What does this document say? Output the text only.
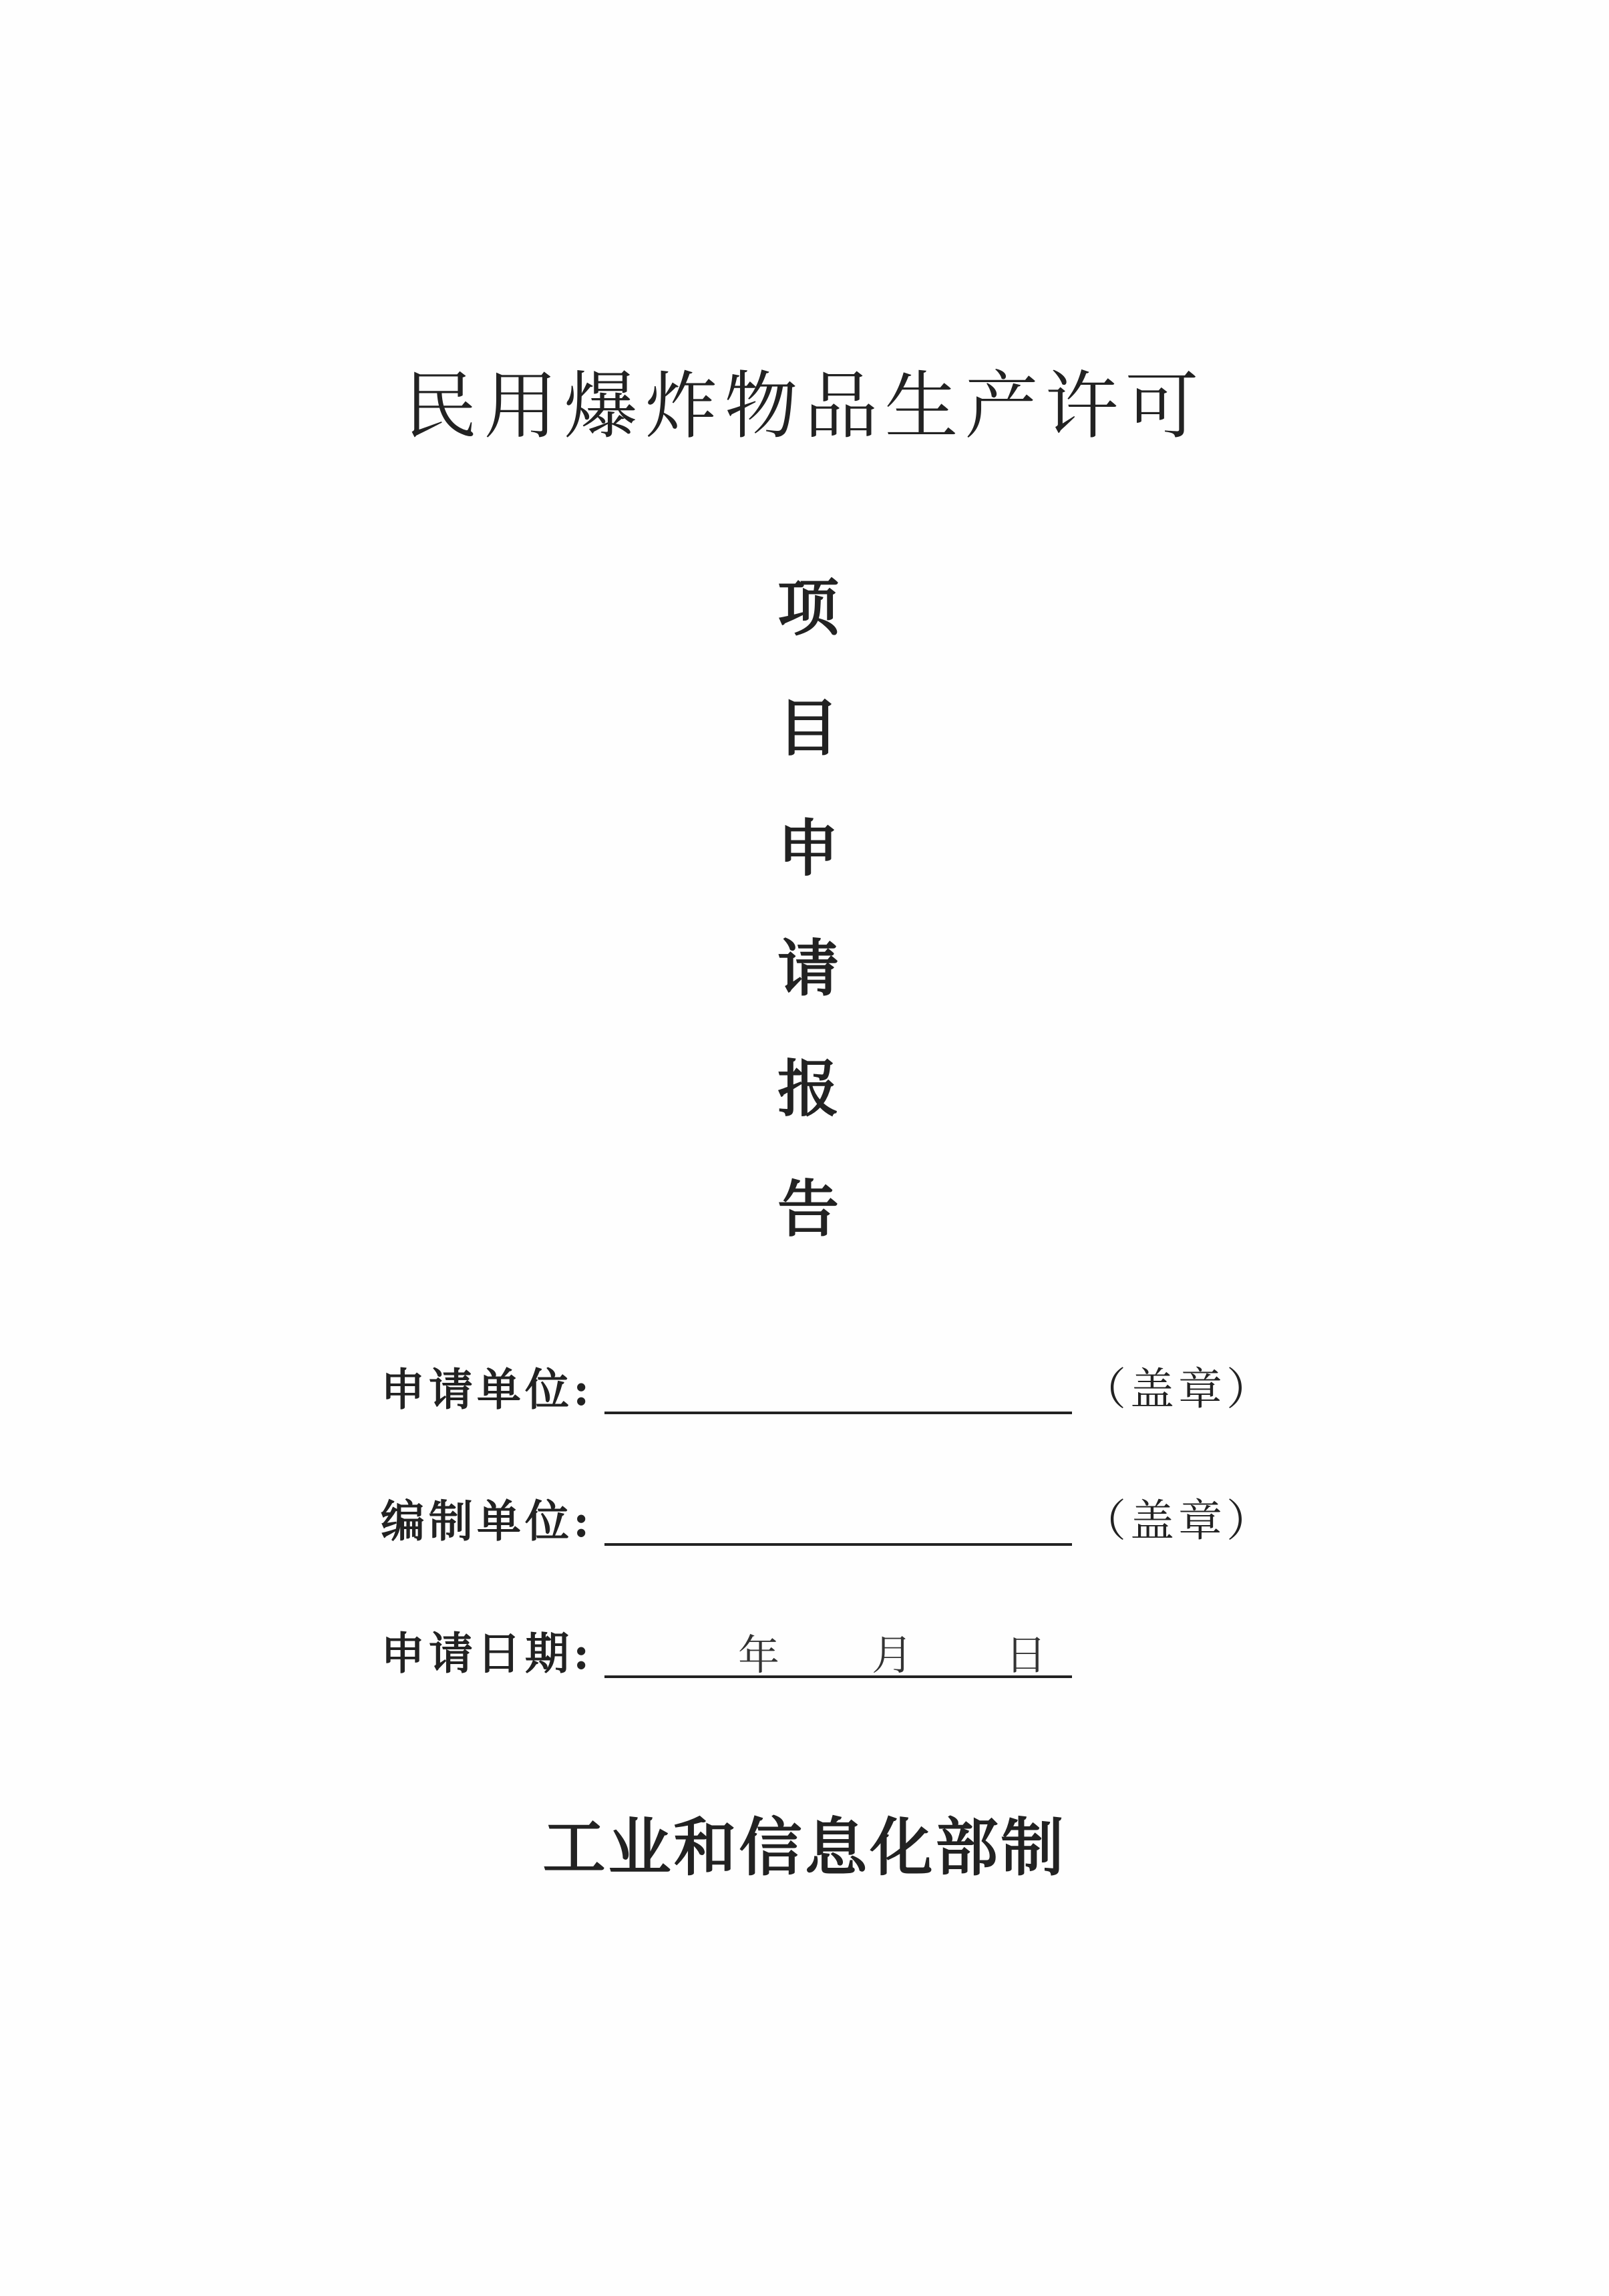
民用爆炸物品生产许可
项
目
申
请
报
告
申请单位:	（盖章）
编制单位:	（盖章）
申请日期:	年 月 日
工业和信息化部制
